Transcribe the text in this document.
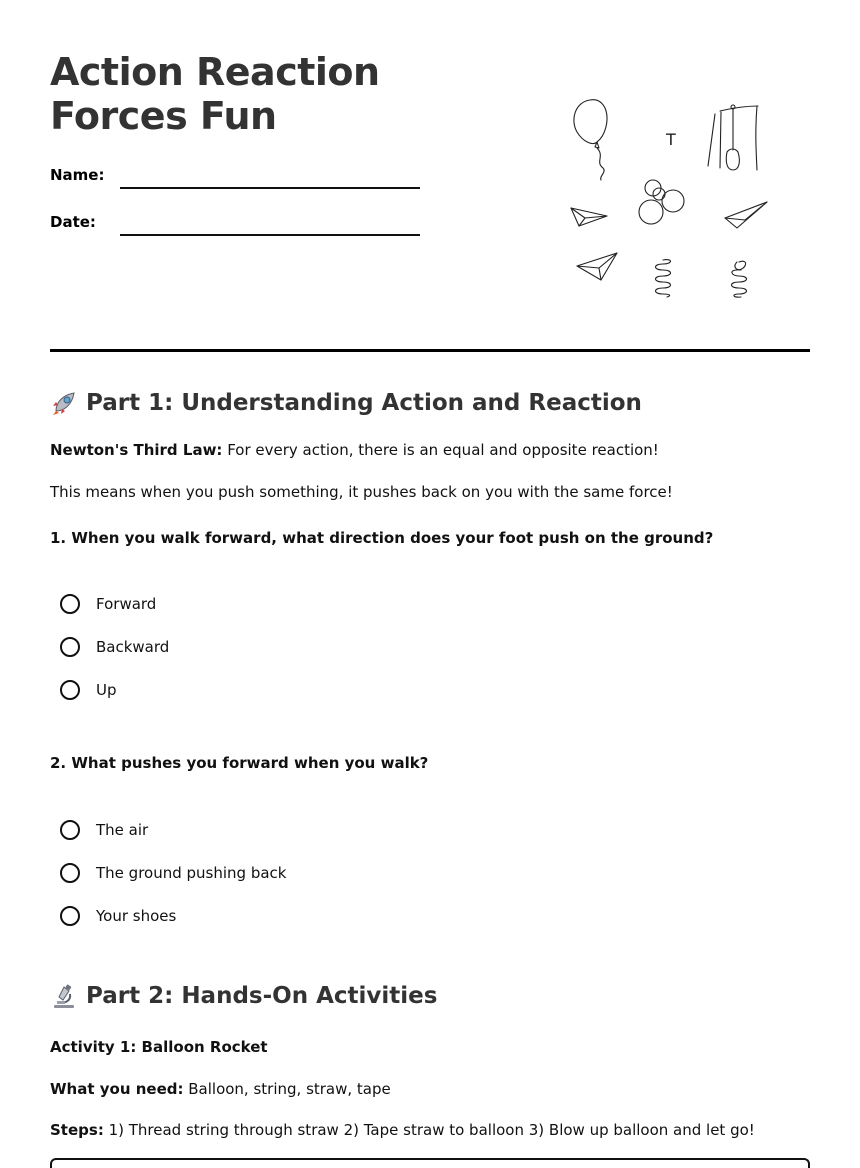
Action Reaction Forces Fun
Name:
Date:
T
Part 1: Understanding Action and Reaction
Newton's Third Law: For every action, there is an equal and opposite reaction!
This means when you push something, it pushes back on you with the same force!
1. When you walk forward, what direction does your foot push on the ground?
Forward
Backward
Up
2. What pushes you forward when you walk?
The air
The ground pushing back
Your shoes
Part 2: Hands-On Activities
Activity 1: Balloon Rocket
What you need: Balloon, string, straw, tape
Steps: 1) Thread string through straw 2) Tape straw to balloon 3) Blow up balloon and let go!
